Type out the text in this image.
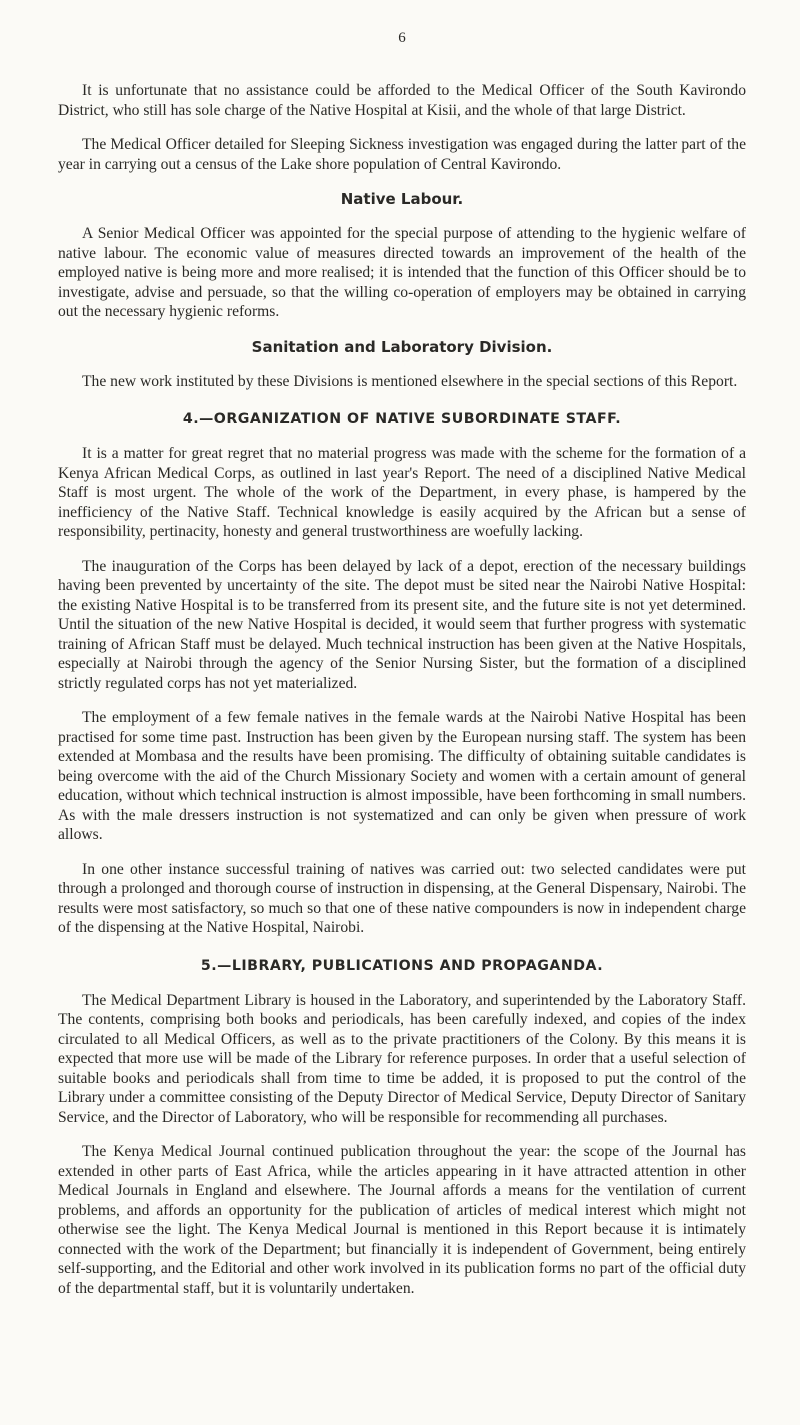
6

It is unfortunate that no assistance could be afforded to the Medical Officer of the South Kavirondo District, who still has sole charge of the Native Hospital at Kisii, and the whole of that large District.

The Medical Officer detailed for Sleeping Sickness investigation was engaged during the latter part of the year in carrying out a census of the Lake shore population of Central Kavirondo.

Native Labour.

A Senior Medical Officer was appointed for the special purpose of attending to the hygienic welfare of native labour. The economic value of measures directed towards an improvement of the health of the employed native is being more and more realised; it is intended that the function of this Officer should be to investigate, advise and persuade, so that the willing co-operation of employers may be obtained in carrying out the necessary hygienic reforms.

Sanitation and Laboratory Division.

The new work instituted by these Divisions is mentioned elsewhere in the special sections of this Report.

4.—ORGANIZATION OF NATIVE SUBORDINATE STAFF.

It is a matter for great regret that no material progress was made with the scheme for the formation of a Kenya African Medical Corps, as outlined in last year's Report. The need of a disciplined Native Medical Staff is most urgent. The whole of the work of the Department, in every phase, is hampered by the inefficiency of the Native Staff. Technical knowledge is easily acquired by the African but a sense of responsibility, pertinacity, honesty and general trustworthiness are woefully lacking.

The inauguration of the Corps has been delayed by lack of a depot, erection of the necessary buildings having been prevented by uncertainty of the site. The depot must be sited near the Nairobi Native Hospital: the existing Native Hospital is to be transferred from its present site, and the future site is not yet determined. Until the situation of the new Native Hospital is decided, it would seem that further progress with systematic training of African Staff must be delayed. Much technical instruction has been given at the Native Hospitals, especially at Nairobi through the agency of the Senior Nursing Sister, but the formation of a disciplined strictly regulated corps has not yet materialized.

The employment of a few female natives in the female wards at the Nairobi Native Hospital has been practised for some time past. Instruction has been given by the European nursing staff. The system has been extended at Mombasa and the results have been promising. The difficulty of obtaining suitable candidates is being overcome with the aid of the Church Missionary Society and women with a certain amount of general education, without which technical instruction is almost impossible, have been forthcoming in small numbers. As with the male dressers instruction is not systematized and can only be given when pressure of work allows.

In one other instance successful training of natives was carried out: two selected candidates were put through a prolonged and thorough course of instruction in dispensing, at the General Dispensary, Nairobi. The results were most satisfactory, so much so that one of these native compounders is now in independent charge of the dispensing at the Native Hospital, Nairobi.

5.—LIBRARY, PUBLICATIONS AND PROPAGANDA.

The Medical Department Library is housed in the Laboratory, and superintended by the Laboratory Staff. The contents, comprising both books and periodicals, has been carefully indexed, and copies of the index circulated to all Medical Officers, as well as to the private practitioners of the Colony. By this means it is expected that more use will be made of the Library for reference purposes. In order that a useful selection of suitable books and periodicals shall from time to time be added, it is proposed to put the control of the Library under a committee consisting of the Deputy Director of Medical Service, Deputy Director of Sanitary Service, and the Director of Laboratory, who will be responsible for recommending all purchases.

The Kenya Medical Journal continued publication throughout the year: the scope of the Journal has extended in other parts of East Africa, while the articles appearing in it have attracted attention in other Medical Journals in England and elsewhere. The Journal affords a means for the ventilation of current problems, and affords an opportunity for the publication of articles of medical interest which might not otherwise see the light. The Kenya Medical Journal is mentioned in this Report because it is intimately connected with the work of the Department; but financially it is independent of Government, being entirely self-supporting, and the Editorial and other work involved in its publication forms no part of the official duty of the departmental staff, but it is voluntarily undertaken.
